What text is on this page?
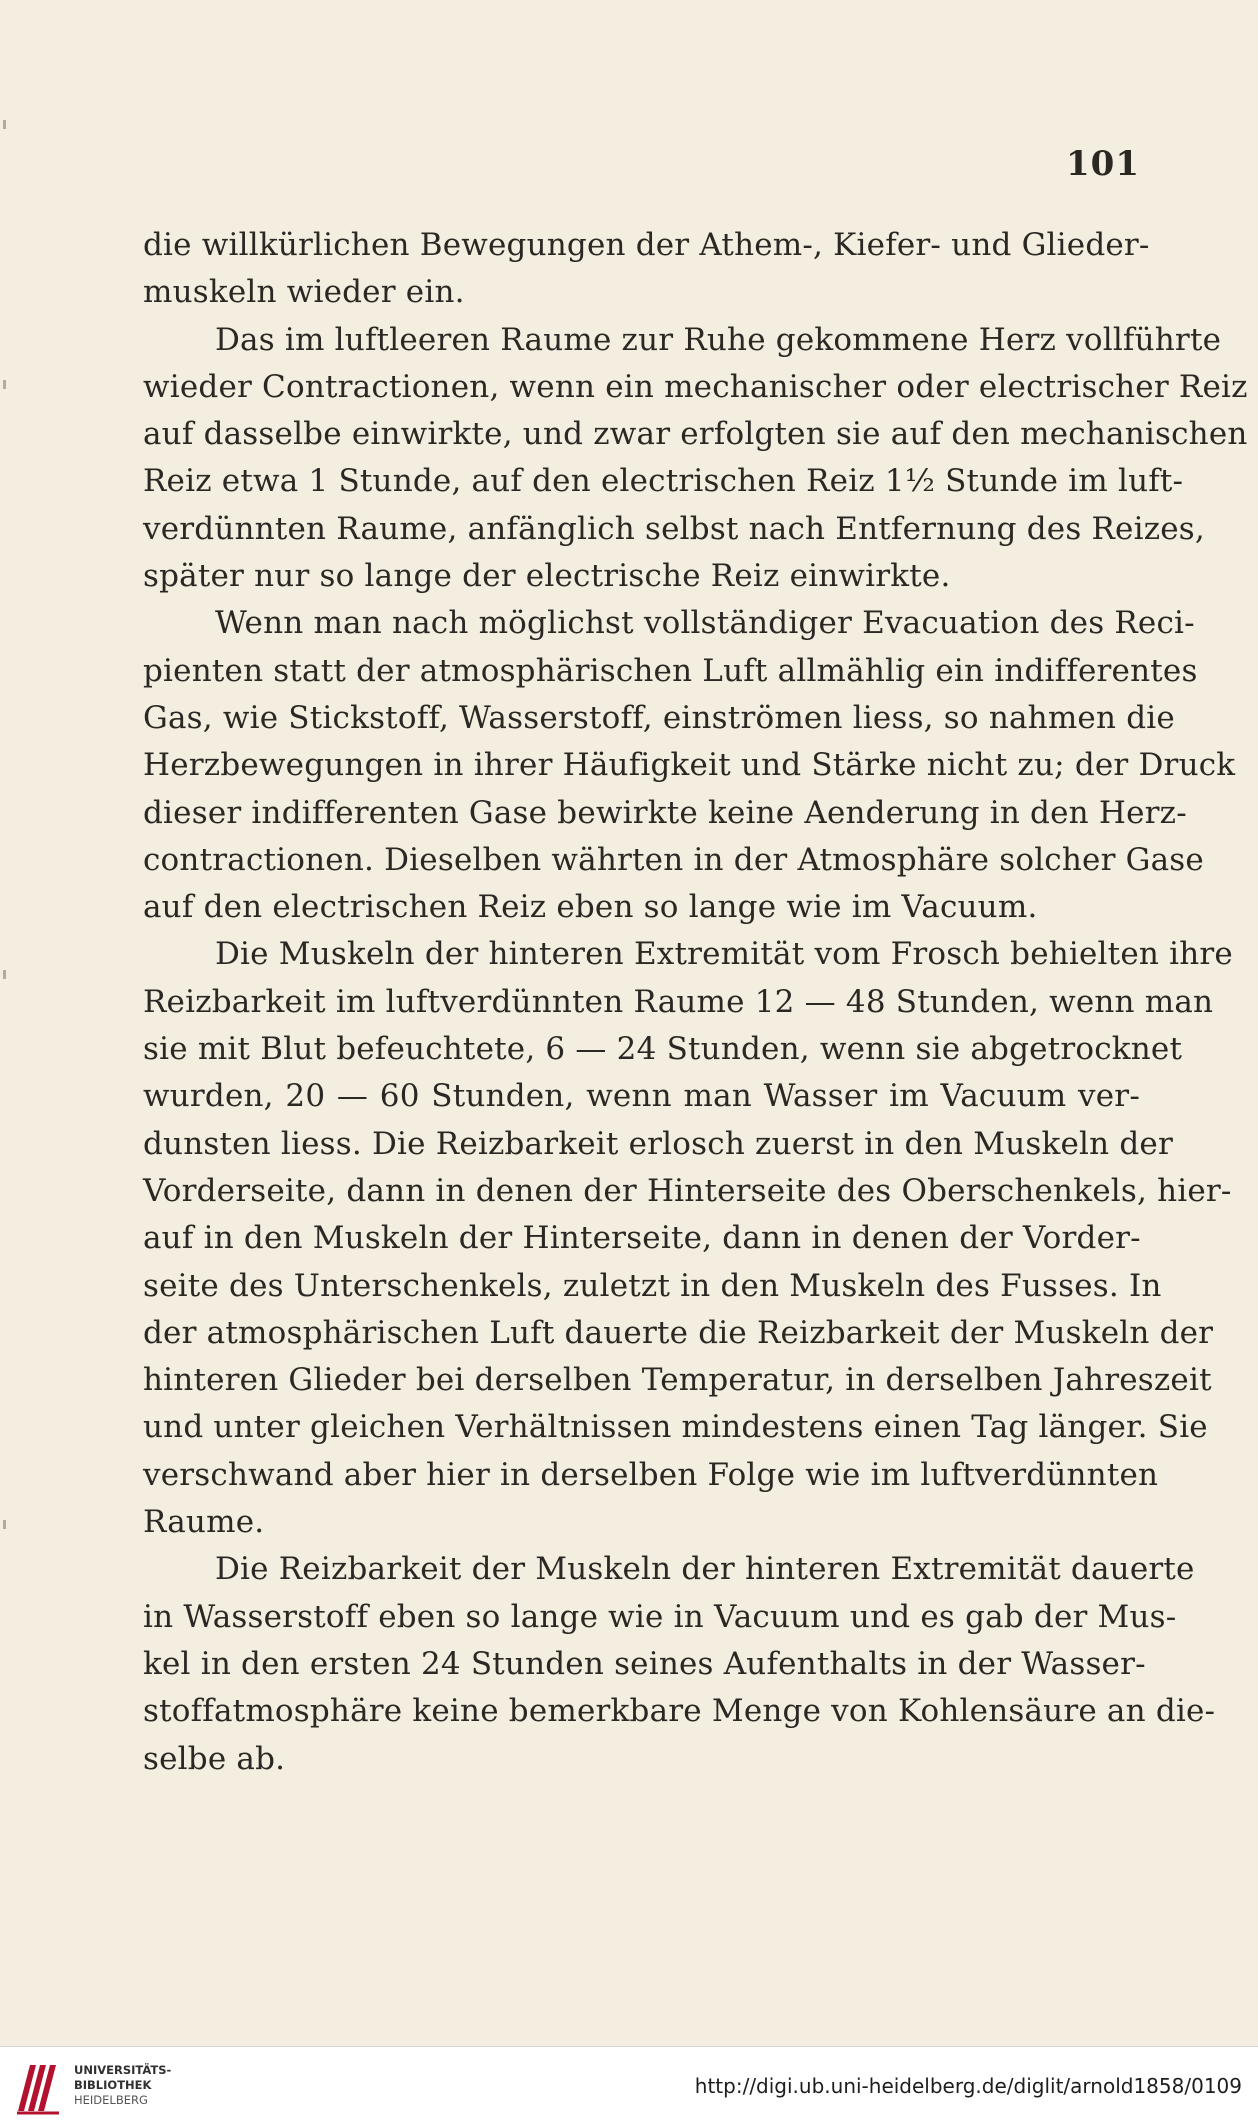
101
die willkürlichen Bewegungen der Athem-, Kiefer- und Glieder-
muskeln wieder ein.
Das im luftleeren Raume zur Ruhe gekommene Herz vollführte
wieder Contractionen, wenn ein mechanischer oder electrischer Reiz
auf dasselbe einwirkte, und zwar erfolgten sie auf den mechanischen
Reiz etwa 1 Stunde, auf den electrischen Reiz 1½ Stunde im luft-
verdünnten Raume, anfänglich selbst nach Entfernung des Reizes,
später nur so lange der electrische Reiz einwirkte.
Wenn man nach möglichst vollständiger Evacuation des Reci-
pienten statt der atmosphärischen Luft allmählig ein indifferentes
Gas, wie Stickstoff, Wasserstoff, einströmen liess, so nahmen die
Herzbewegungen in ihrer Häufigkeit und Stärke nicht zu; der Druck
dieser indifferenten Gase bewirkte keine Aenderung in den Herz-
contractionen. Dieselben währten in der Atmosphäre solcher Gase
auf den electrischen Reiz eben so lange wie im Vacuum.
Die Muskeln der hinteren Extremität vom Frosch behielten ihre
Reizbarkeit im luftverdünnten Raume 12 — 48 Stunden, wenn man
sie mit Blut befeuchtete, 6 — 24 Stunden, wenn sie abgetrocknet
wurden, 20 — 60 Stunden, wenn man Wasser im Vacuum ver-
dunsten liess. Die Reizbarkeit erlosch zuerst in den Muskeln der
Vorderseite, dann in denen der Hinterseite des Oberschenkels, hier-
auf in den Muskeln der Hinterseite, dann in denen der Vorder-
seite des Unterschenkels, zuletzt in den Muskeln des Fusses. In
der atmosphärischen Luft dauerte die Reizbarkeit der Muskeln der
hinteren Glieder bei derselben Temperatur, in derselben Jahreszeit
und unter gleichen Verhältnissen mindestens einen Tag länger. Sie
verschwand aber hier in derselben Folge wie im luftverdünnten
Raume.
Die Reizbarkeit der Muskeln der hinteren Extremität dauerte
in Wasserstoff eben so lange wie in Vacuum und es gab der Mus-
kel in den ersten 24 Stunden seines Aufenthalts in der Wasser-
stoffatmosphäre keine bemerkbare Menge von Kohlensäure an die-
selbe ab.
UNIVERSITÄTS-
BIBLIOTHEK
HEIDELBERG
http://digi.ub.uni-heidelberg.de/diglit/arnold1858/0109
